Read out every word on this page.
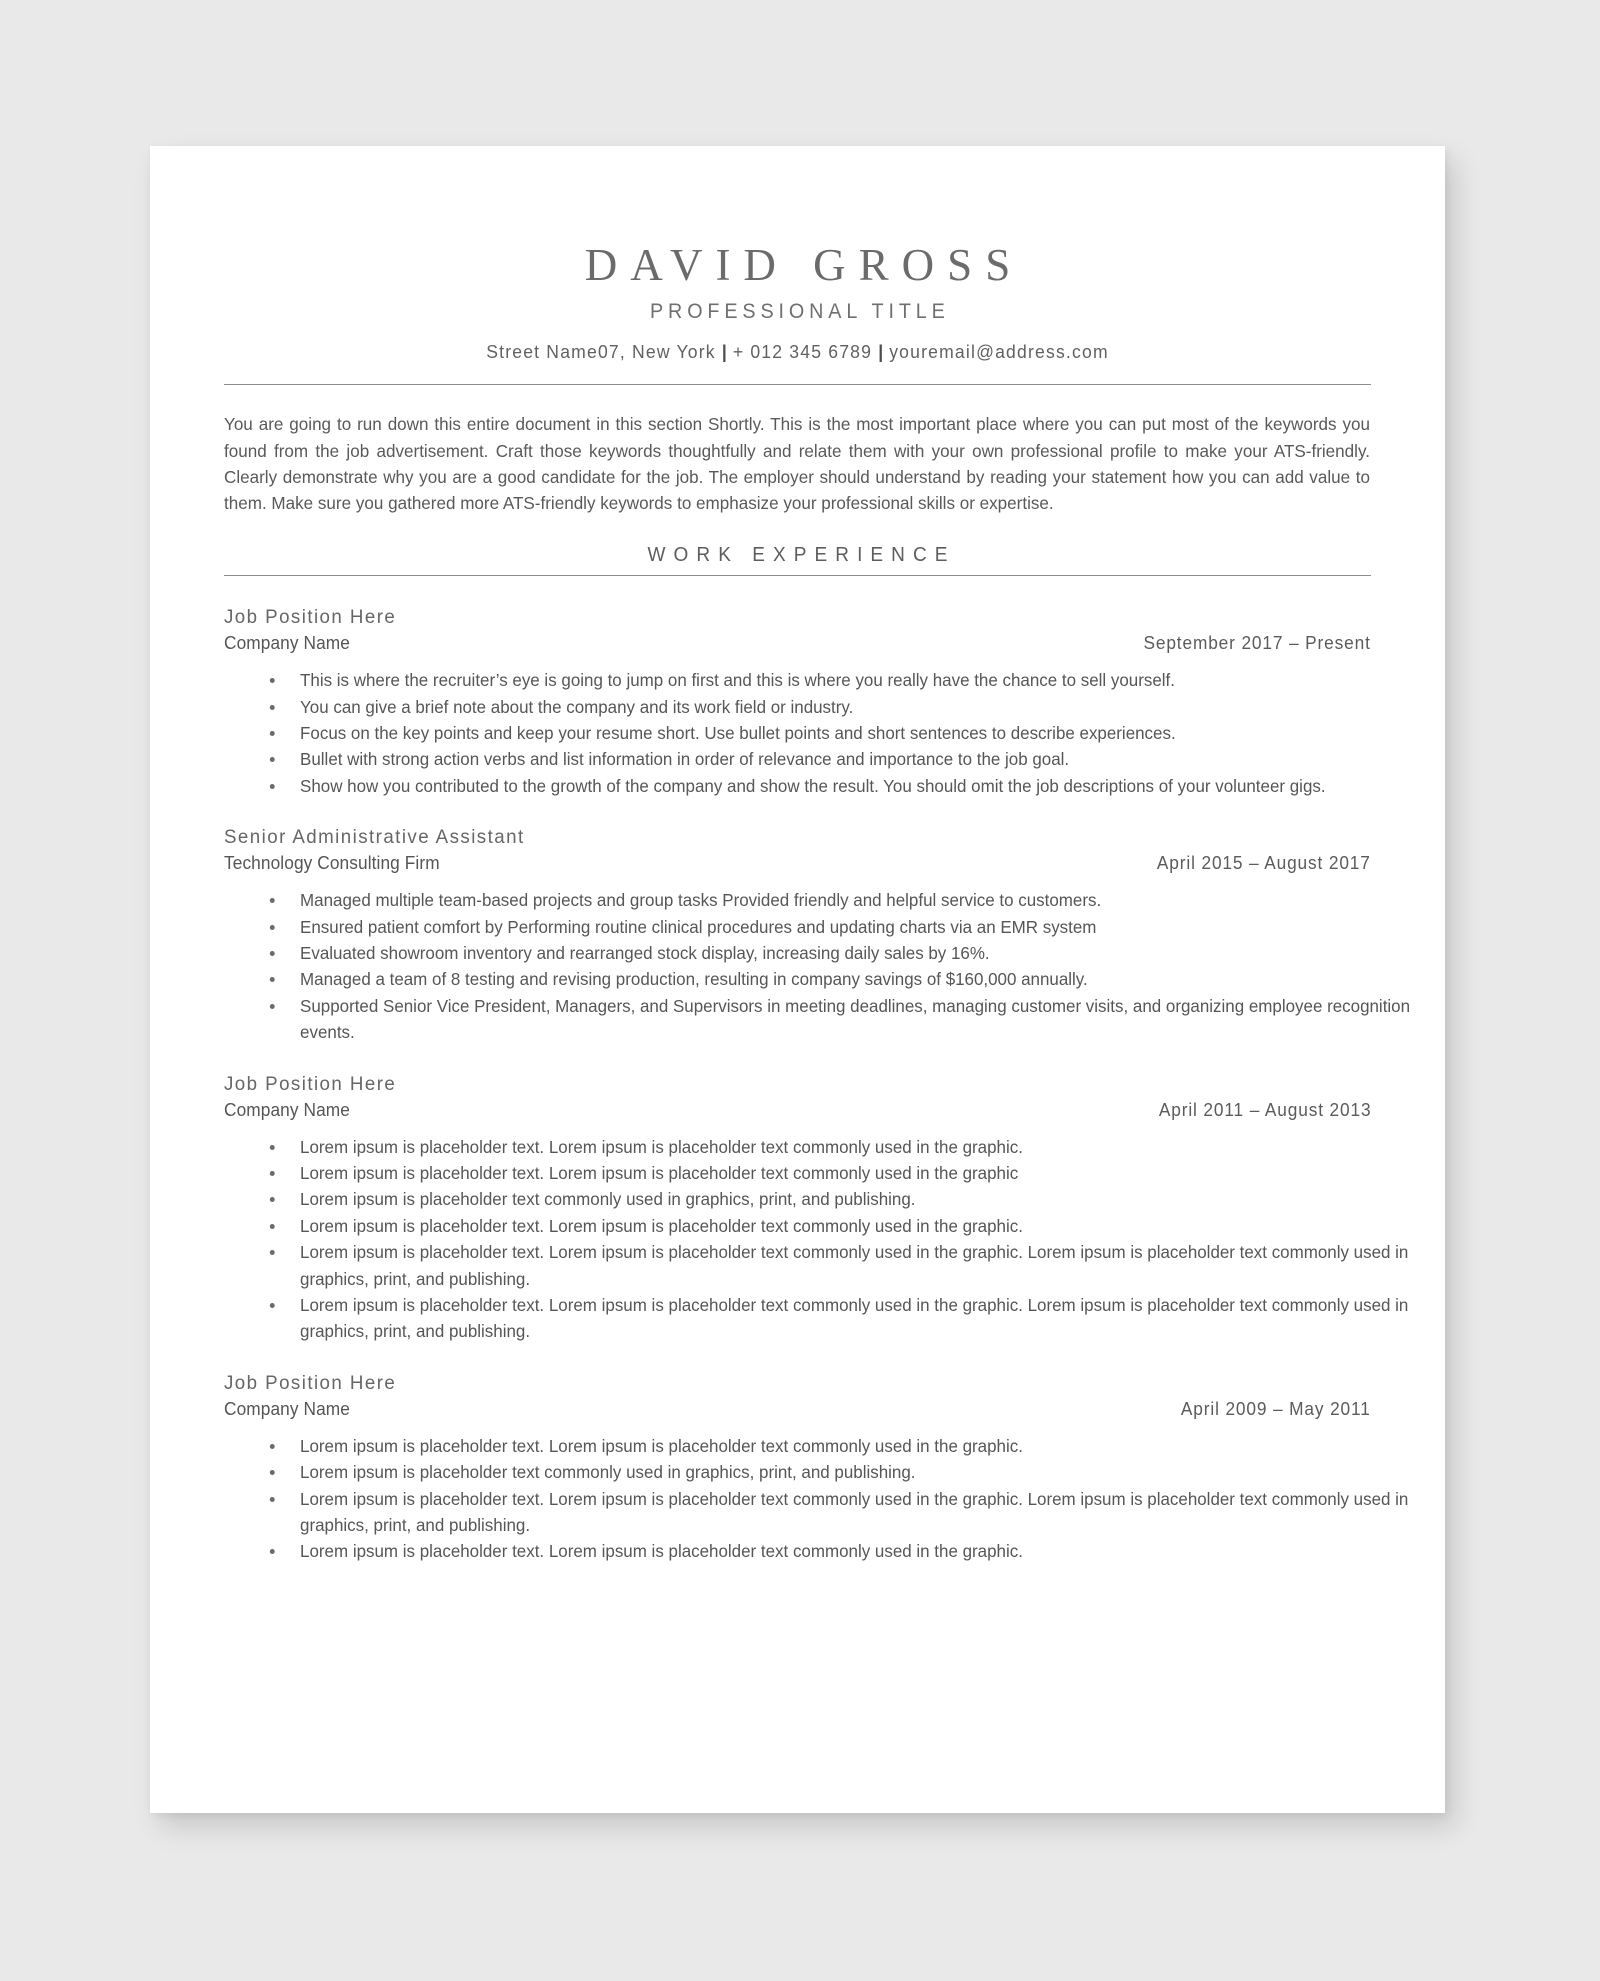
DAVID GROSS
PROFESSIONAL TITLE
Street Name07, New York | + 012 345 6789 | youremail@address.com

You are going to run down this entire document in this section Shortly. This is the most important place where you can put most of the keywords you found from the job advertisement. Craft those keywords thoughtfully and relate them with your own professional profile to make your ATS-friendly. Clearly demonstrate why you are a good candidate for the job. The employer should understand by reading your statement how you can add value to them. Make sure you gathered more ATS-friendly keywords to emphasize your professional skills or expertise.

WORK EXPERIENCE
Job Position Here
Company Name	September 2017 – Present
This is where the recruiter’s eye is going to jump on first and this is where you really have the chance to sell yourself.
You can give a brief note about the company and its work field or industry.
Focus on the key points and keep your resume short. Use bullet points and short sentences to describe experiences.
Bullet with strong action verbs and list information in order of relevance and importance to the job goal.
Show how you contributed to the growth of the company and show the result. You should omit the job descriptions of your volunteer gigs.
Senior Administrative Assistant
Technology Consulting Firm	April 2015 – August 2017
Managed multiple team-based projects and group tasks Provided friendly and helpful service to customers.
Ensured patient comfort by Performing routine clinical procedures and updating charts via an EMR system
Evaluated showroom inventory and rearranged stock display, increasing daily sales by 16%.
Managed a team of 8 testing and revising production, resulting in company savings of $160,000 annually.
Supported Senior Vice President, Managers, and Supervisors in meeting deadlines, managing customer visits, and organizing employee recognition events.
Job Position Here
Company Name	April 2011 – August 2013
Lorem ipsum is placeholder text. Lorem ipsum is placeholder text commonly used in the graphic.
Lorem ipsum is placeholder text. Lorem ipsum is placeholder text commonly used in the graphic
Lorem ipsum is placeholder text commonly used in graphics, print, and publishing.
Lorem ipsum is placeholder text. Lorem ipsum is placeholder text commonly used in the graphic.
Lorem ipsum is placeholder text. Lorem ipsum is placeholder text commonly used in the graphic. Lorem ipsum is placeholder text commonly used in graphics, print, and publishing.
Lorem ipsum is placeholder text. Lorem ipsum is placeholder text commonly used in the graphic. Lorem ipsum is placeholder text commonly used in graphics, print, and publishing.
Job Position Here
Company Name	April 2009 – May 2011
Lorem ipsum is placeholder text. Lorem ipsum is placeholder text commonly used in the graphic.
Lorem ipsum is placeholder text commonly used in graphics, print, and publishing.
Lorem ipsum is placeholder text. Lorem ipsum is placeholder text commonly used in the graphic. Lorem ipsum is placeholder text commonly used in graphics, print, and publishing.
Lorem ipsum is placeholder text. Lorem ipsum is placeholder text commonly used in the graphic.
